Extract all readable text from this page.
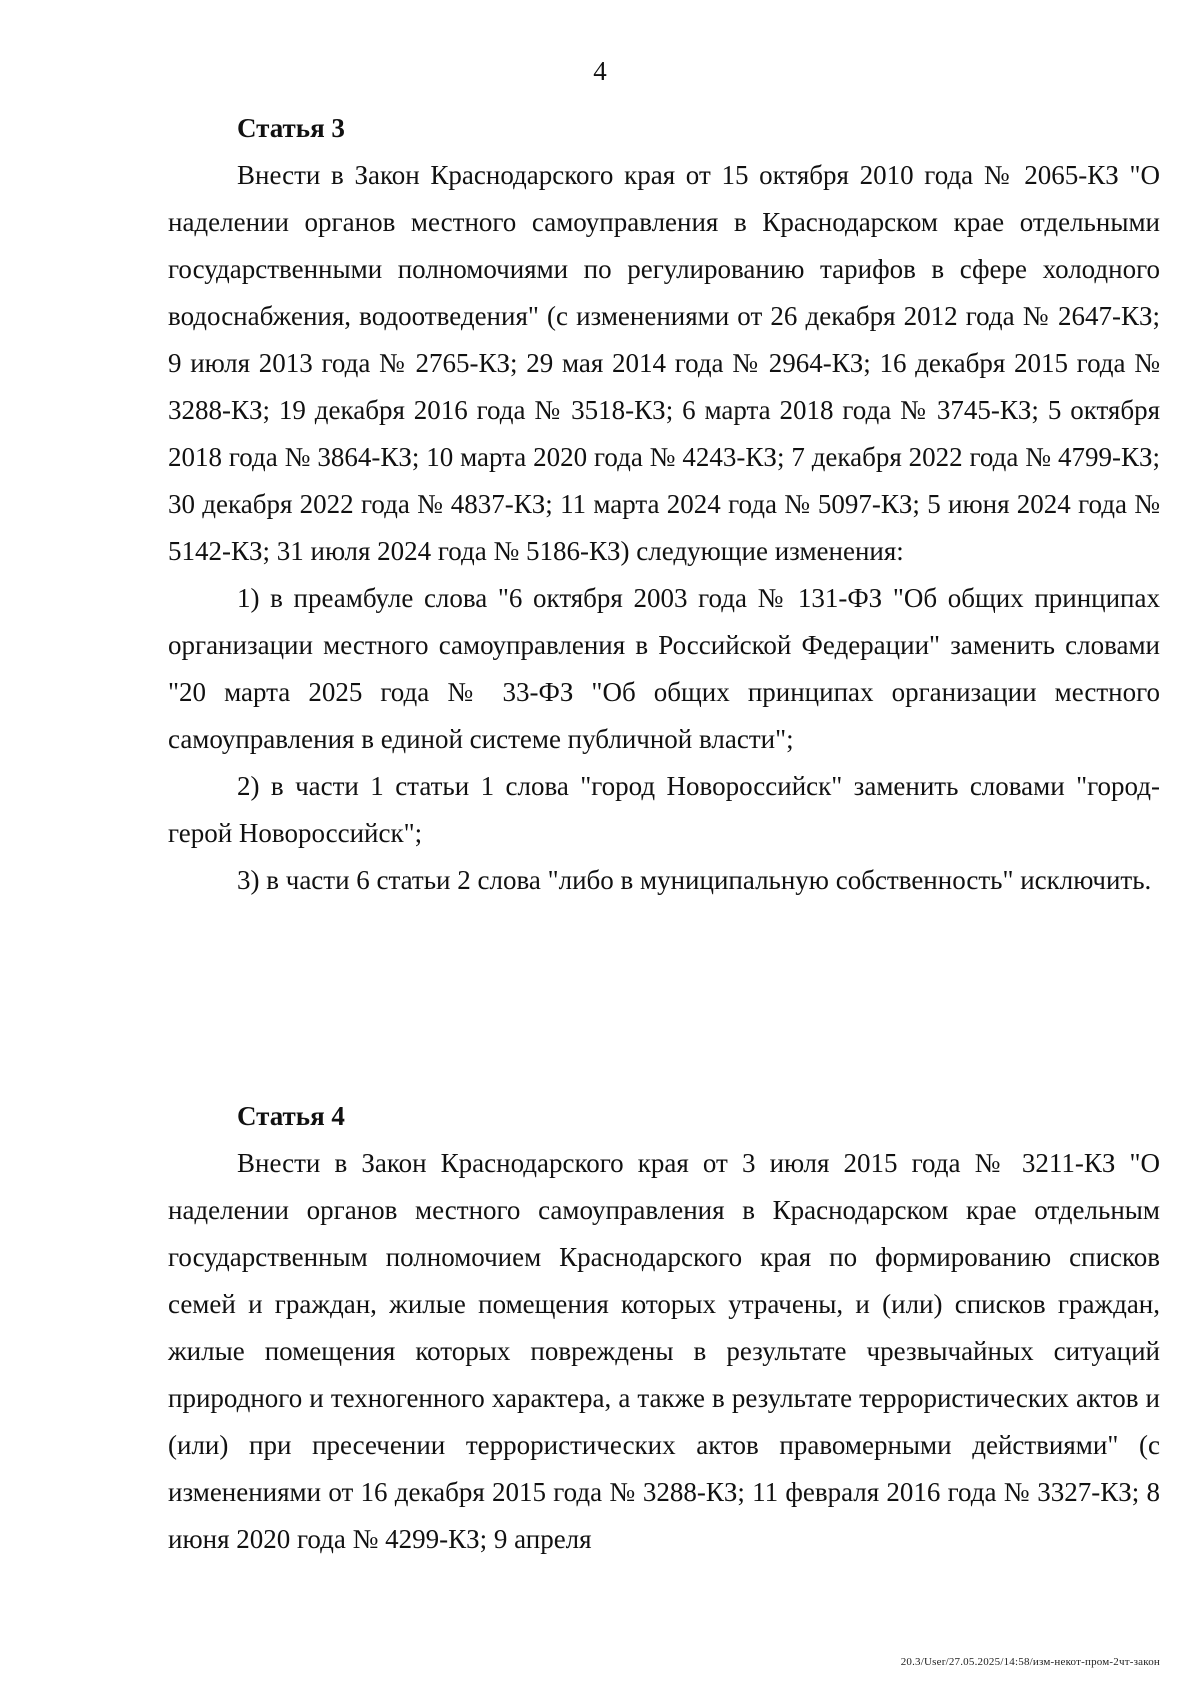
4
Статья 3

Внести в Закон Краснодарского края от 15 октября 2010 года № 2065-КЗ "О наделении органов местного самоуправления в Краснодарском крае отдельными государственными полномочиями по регулированию тарифов в сфере холодного водоснабжения, водоотведения" (с изменениями от 26 декабря 2012 года № 2647-КЗ; 9 июля 2013 года № 2765-КЗ; 29 мая 2014 года № 2964-КЗ; 16 декабря 2015 года № 3288-КЗ; 19 декабря 2016 года № 3518-КЗ; 6 марта 2018 года № 3745-КЗ; 5 октября 2018 года № 3864-КЗ; 10 марта 2020 года № 4243-КЗ; 7 декабря 2022 года № 4799-КЗ; 30 декабря 2022 года № 4837-КЗ; 11 марта 2024 года № 5097-КЗ; 5 июня 2024 года № 5142-КЗ; 31 июля 2024 года № 5186-КЗ) следующие изменения:

1) в преамбуле слова "6 октября 2003 года № 131-ФЗ "Об общих принципах организации местного самоуправления в Российской Федерации" заменить словами "20 марта 2025 года № 33-ФЗ "Об общих принципах организации местного самоуправления в единой системе публичной власти";

2) в части 1 статьи 1 слова "город Новороссийск" заменить словами "город-герой Новороссийск";

3) в части 6 статьи 2 слова "либо в муниципальную собственность" исключить.

Статья 4

Внести в Закон Краснодарского края от 3 июля 2015 года № 3211-КЗ "О наделении органов местного самоуправления в Краснодарском крае отдельным государственным полномочием Краснодарского края по формированию списков семей и граждан, жилые помещения которых утрачены, и (или) списков граждан, жилые помещения которых повреждены в результате чрезвычайных ситуаций природного и техногенного характера, а также в результате террористических актов и (или) при пресечении террористических актов правомерными действиями" (с изменениями от 16 декабря 2015 года № 3288-КЗ; 11 февраля 2016 года № 3327-КЗ; 8 июня 2020 года № 4299-КЗ; 9 апреля

20.3/User/27.05.2025/14:58/изм-некот-пром-2чт-закон
